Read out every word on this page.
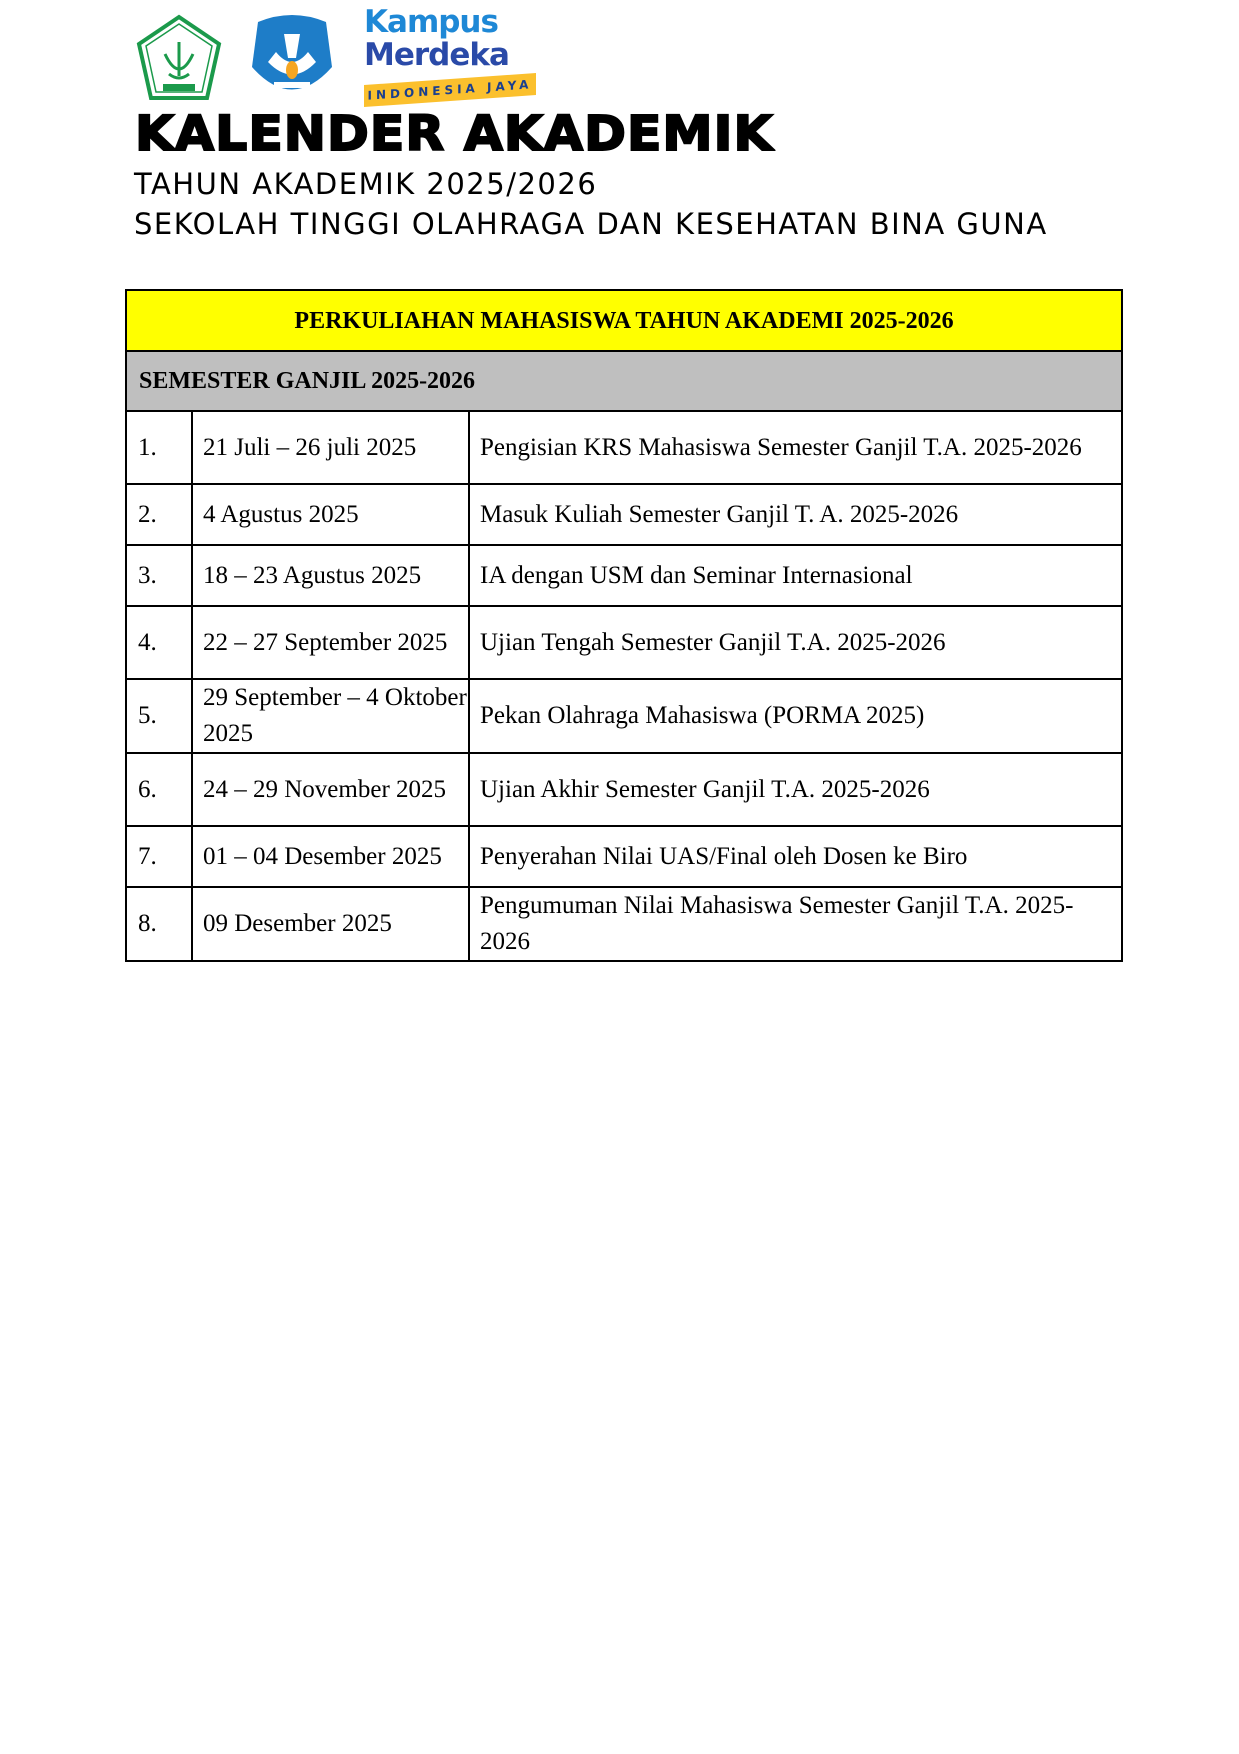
Kampus
Merdeka
INDONESIA JAYA
KALENDER AKADEMIK
TAHUN AKADEMIK 2025/2026
SEKOLAH TINGGI OLAHRAGA DAN KESEHATAN BINA GUNA
PERKULIAHAN MAHASISWA TAHUN AKADEMI 2025-2026		
SEMESTER GANJIL 2025-2026		
1.	21 Juli – 26 juli 2025	Pengisian KRS Mahasiswa Semester Ganjil T.A. 2025-2026
2.	4 Agustus 2025	Masuk Kuliah Semester Ganjil T. A. 2025-2026
3.	18 – 23 Agustus 2025	IA dengan USM dan Seminar Internasional
4.	22 – 27 September 2025	Ujian Tengah Semester Ganjil T.A. 2025-2026
5.	29 September – 4 Oktober 2025	Pekan Olahraga Mahasiswa (PORMA 2025)
6.	24 – 29 November 2025	Ujian Akhir Semester Ganjil T.A. 2025-2026
7.	01 – 04 Desember 2025	Penyerahan Nilai UAS/Final oleh Dosen ke Biro
8.	09 Desember 2025	Pengumuman Nilai Mahasiswa Semester Ganjil T.A. 2025-2026
